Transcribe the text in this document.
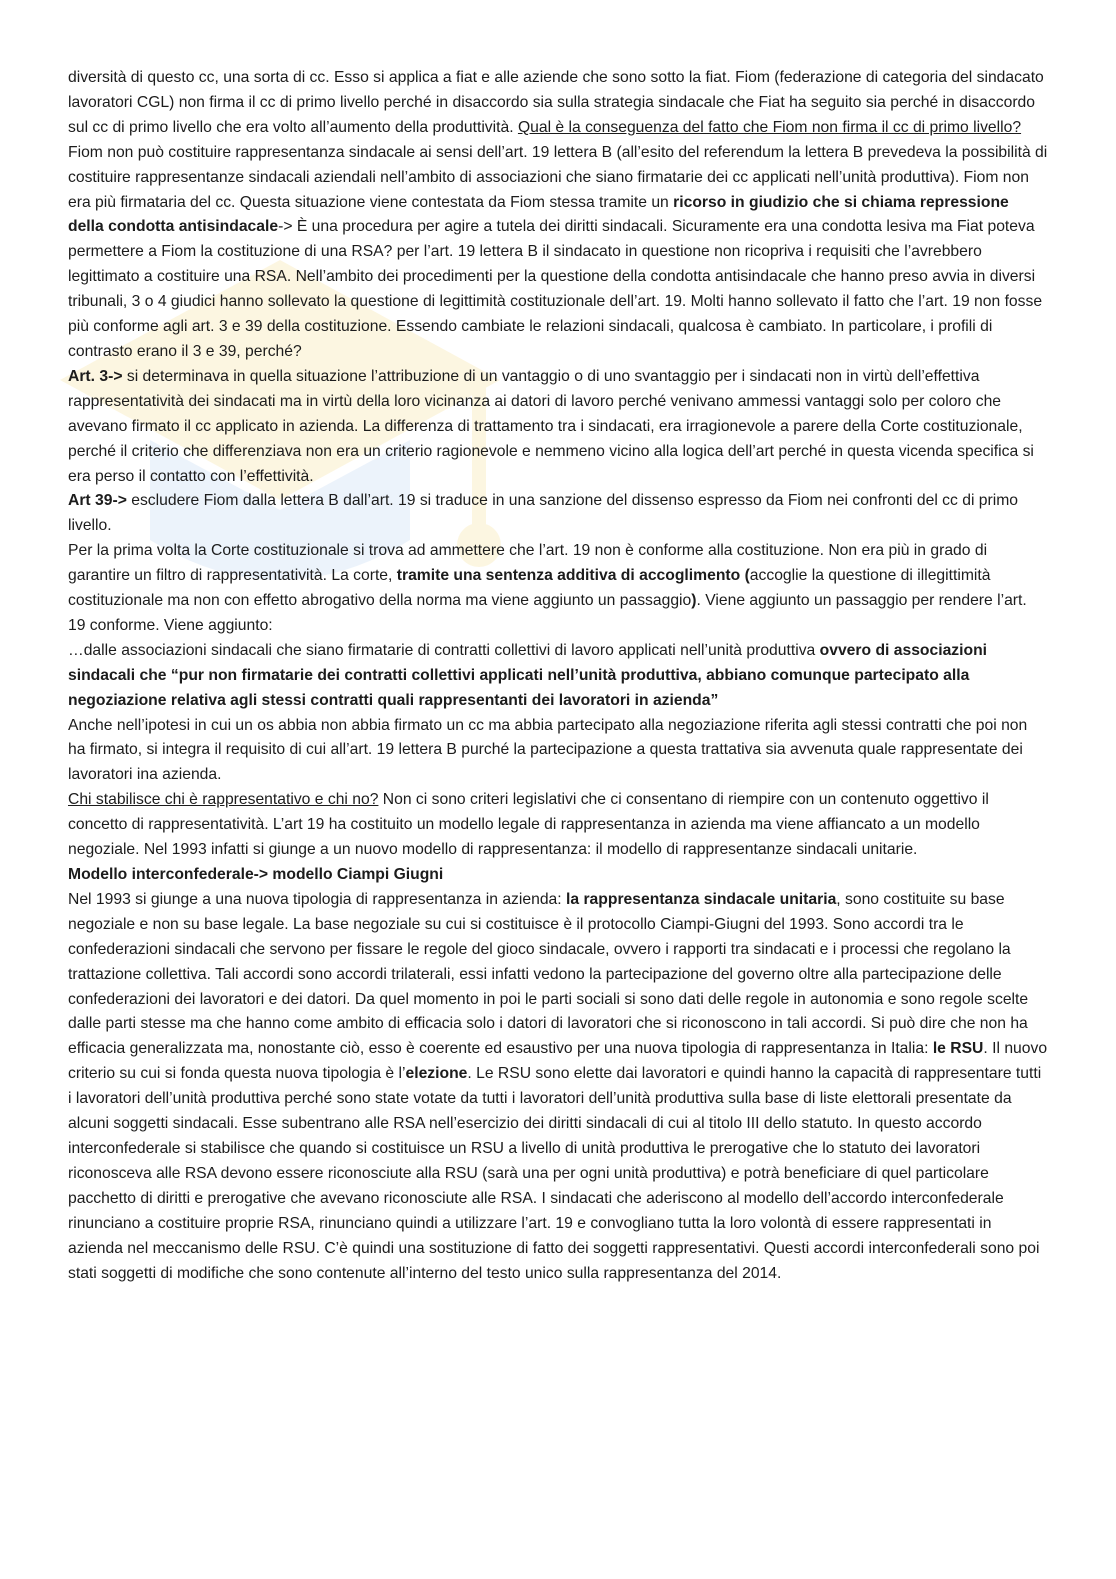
diversità di questo cc, una sorta di cc. Esso si applica a fiat e alle aziende che sono sotto la fiat. Fiom (federazione di categoria del sindacato lavoratori CGL) non firma il cc di primo livello perché in disaccordo sia sulla strategia sindacale che Fiat ha seguito sia perché in disaccordo sul cc di primo livello che era volto all’aumento della produttività. Qual è la conseguenza del fatto che Fiom non firma il cc di primo livello? Fiom non può costituire rappresentanza sindacale ai sensi dell’art. 19 lettera B (all’esito del referendum la lettera B prevedeva la possibilità di costituire rappresentanze sindacali aziendali nell’ambito di associazioni che siano firmatarie dei cc applicati nell’unità produttiva). Fiom non era più firmataria del cc. Questa situazione viene contestata da Fiom stessa tramite un ricorso in giudizio che si chiama repressione della condotta antisindacale-> È una procedura per agire a tutela dei diritti sindacali. Sicuramente era una condotta lesiva ma Fiat poteva permettere a Fiom la costituzione di una RSA? per l’art. 19 lettera B il sindacato in questione non ricopriva i requisiti che l’avrebbero legittimato a costituire una RSA. Nell’ambito dei procedimenti per la questione della condotta antisindacale che hanno preso avvia in diversi tribunali, 3 o 4 giudici hanno sollevato la questione di legittimità costituzionale dell’art. 19. Molti hanno sollevato il fatto che l’art. 19 non fosse più conforme agli art. 3 e 39 della costituzione. Essendo cambiate le relazioni sindacali, qualcosa è cambiato. In particolare, i profili di contrasto erano il 3 e 39, perché?

Art. 3-> si determinava in quella situazione l’attribuzione di un vantaggio o di uno svantaggio per i sindacati non in virtù dell’effettiva rappresentatività dei sindacati ma in virtù della loro vicinanza ai datori di lavoro perché venivano ammessi vantaggi solo per coloro che avevano firmato il cc applicato in azienda. La differenza di trattamento tra i sindacati, era irragionevole a parere della Corte costituzionale, perché il criterio che differenziava non era un criterio ragionevole e nemmeno vicino alla logica dell’art perché in questa vicenda specifica si era perso il contatto con l’effettività.

Art 39-> escludere Fiom dalla lettera B dall’art. 19 si traduce in una sanzione del dissenso espresso da Fiom nei confronti del cc di primo livello.

Per la prima volta la Corte costituzionale si trova ad ammettere che l’art. 19 non è conforme alla costituzione. Non era più in grado di garantire un filtro di rappresentatività. La corte, tramite una sentenza additiva di accoglimento (accoglie la questione di illegittimità costituzionale ma non con effetto abrogativo della norma ma viene aggiunto un passaggio). Viene aggiunto un passaggio per rendere l’art. 19 conforme. Viene aggiunto:

…dalle associazioni sindacali che siano firmatarie di contratti collettivi di lavoro applicati nell’unità produttiva ovvero di associazioni sindacali che “pur non firmatarie dei contratti collettivi applicati nell’unità produttiva, abbiano comunque partecipato alla negoziazione relativa agli stessi contratti quali rappresentanti dei lavoratori in azienda”

Anche nell’ipotesi in cui un os abbia non abbia firmato un cc ma abbia partecipato alla negoziazione riferita agli stessi contratti che poi non ha firmato, si integra il requisito di cui all’art. 19 lettera B purché la partecipazione a questa trattativa sia avvenuta quale rappresentate dei lavoratori ina azienda.

Chi stabilisce chi è rappresentativo e chi no? Non ci sono criteri legislativi che ci consentano di riempire con un contenuto oggettivo il concetto di rappresentatività. L’art 19 ha costituito un modello legale di rappresentanza in azienda ma viene affiancato a un modello negoziale. Nel 1993 infatti si giunge a un nuovo modello di rappresentanza: il modello di rappresentanze sindacali unitarie.

Modello interconfederale-> modello Ciampi Giugni

Nel 1993 si giunge a una nuova tipologia di rappresentanza in azienda: la rappresentanza sindacale unitaria, sono costituite su base negoziale e non su base legale. La base negoziale su cui si costituisce è il protocollo Ciampi-Giugni del 1993. Sono accordi tra le confederazioni sindacali che servono per fissare le regole del gioco sindacale, ovvero i rapporti tra sindacati e i processi che regolano la trattazione collettiva. Tali accordi sono accordi trilaterali, essi infatti vedono la partecipazione del governo oltre alla partecipazione delle confederazioni dei lavoratori e dei datori. Da quel momento in poi le parti sociali si sono dati delle regole in autonomia e sono regole scelte dalle parti stesse ma che hanno come ambito di efficacia solo i datori di lavoratori che si riconoscono in tali accordi. Si può dire che non ha efficacia generalizzata ma, nonostante ciò, esso è coerente ed esaustivo per una nuova tipologia di rappresentanza in Italia: le RSU. Il nuovo criterio su cui si fonda questa nuova tipologia è l’elezione. Le RSU sono elette dai lavoratori e quindi hanno la capacità di rappresentare tutti i lavoratori dell’unità produttiva perché sono state votate da tutti i lavoratori dell’unità produttiva sulla base di liste elettorali presentate da alcuni soggetti sindacali. Esse subentrano alle RSA nell’esercizio dei diritti sindacali di cui al titolo III dello statuto. In questo accordo interconfederale si stabilisce che quando si costituisce un RSU a livello di unità produttiva le prerogative che lo statuto dei lavoratori riconosceva alle RSA devono essere riconosciute alla RSU (sarà una per ogni unità produttiva) e potrà beneficiare di quel particolare pacchetto di diritti e prerogative che avevano riconosciute alle RSA. I sindacati che aderiscono al modello dell’accordo interconfederale rinunciano a costituire proprie RSA, rinunciano quindi a utilizzare l’art. 19 e convogliano tutta la loro volontà di essere rappresentati in azienda nel meccanismo delle RSU. C’è quindi una sostituzione di fatto dei soggetti rappresentativi. Questi accordi interconfederali sono poi stati soggetti di modifiche che sono contenute all’interno del testo unico sulla rappresentanza del 2014.
